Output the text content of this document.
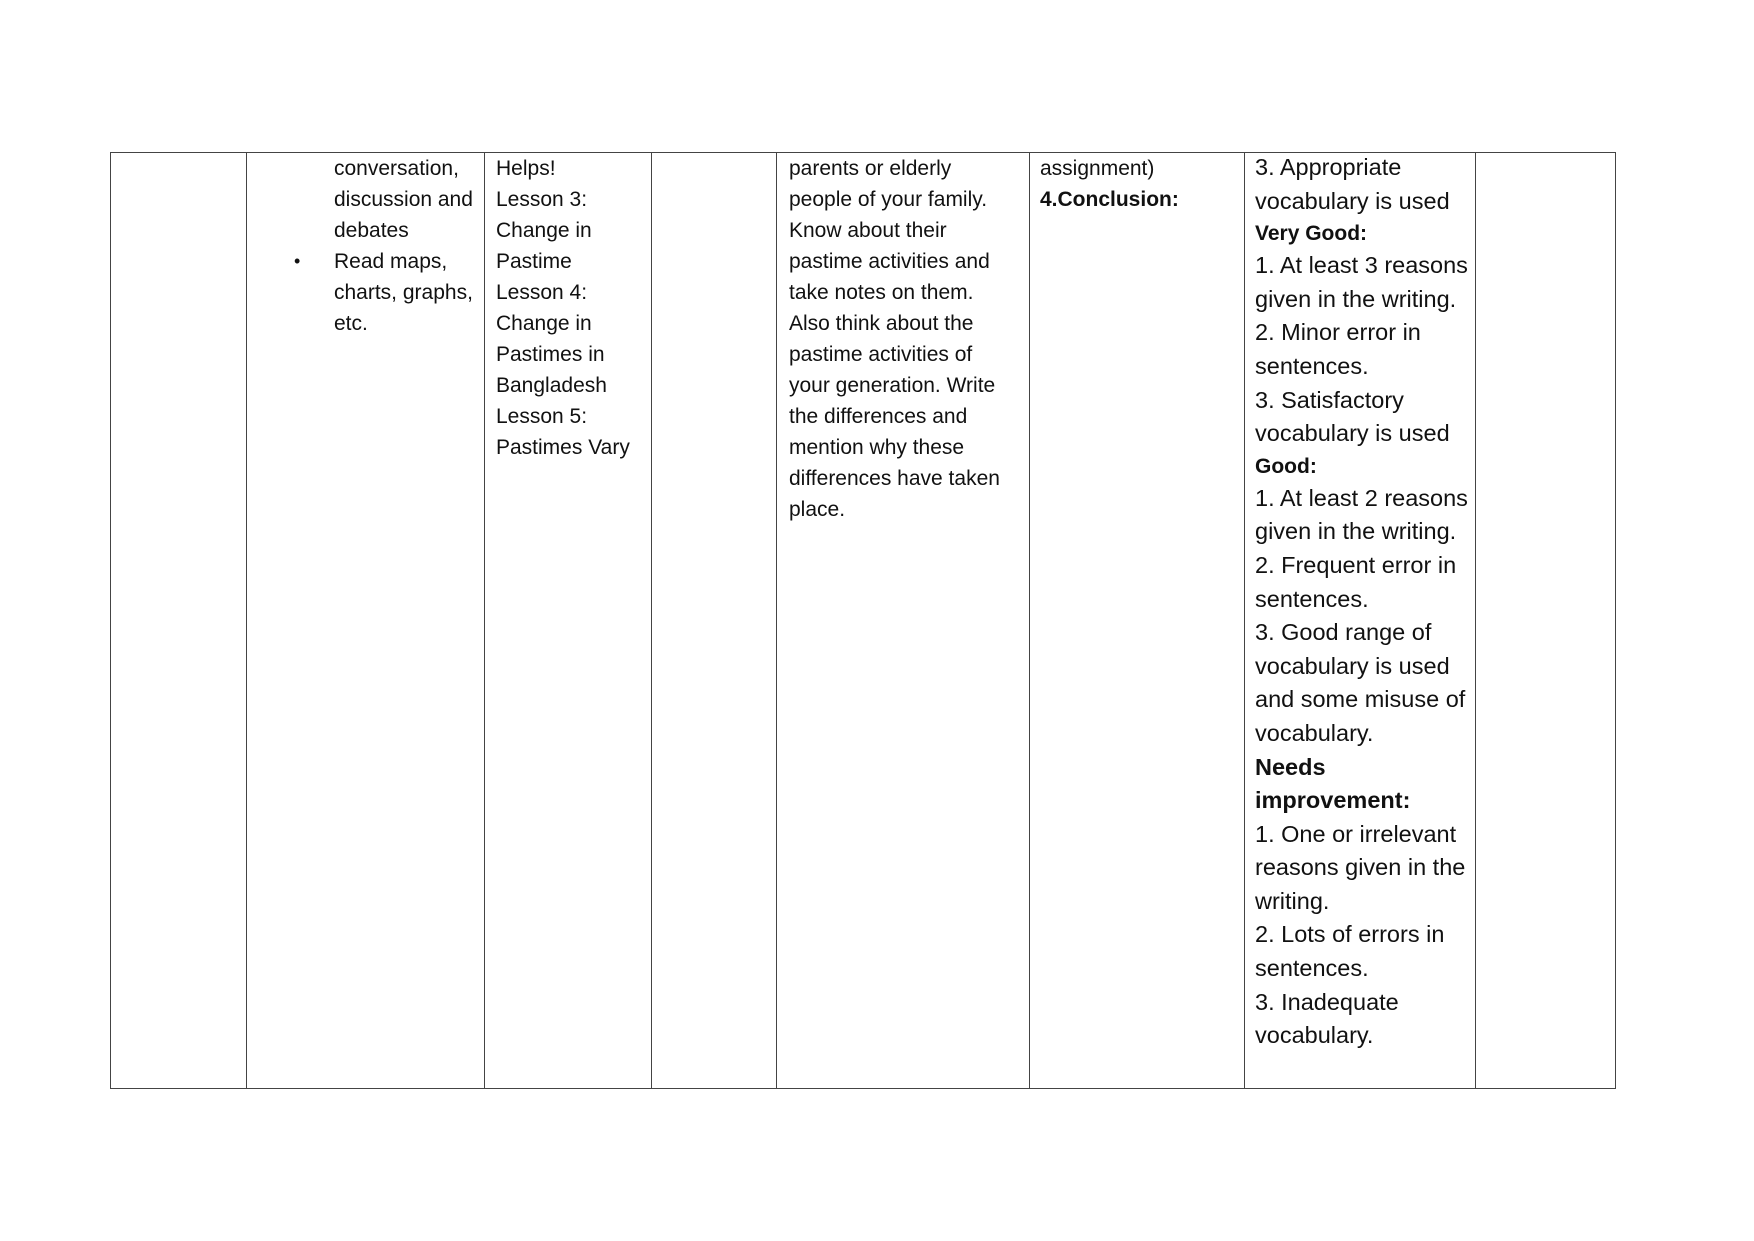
conversation,
discussion and
debates
• Read maps,
charts, graphs,
etc.
Helps!
Lesson 3:
Change in
Pastime
Lesson 4:
Change in
Pastimes in
Bangladesh
Lesson 5:
Pastimes Vary
parents or elderly
people of your family.
Know about their
pastime activities and
take notes on them.
Also think about the
pastime activities of
your generation. Write
the differences and
mention why these
differences have taken
place.
assignment)
4.Conclusion:
3. Appropriate
vocabulary is used
Very Good:
1. At least 3 reasons
given in the writing.
2. Minor error in
sentences.
3. Satisfactory
vocabulary is used
Good:
1. At least 2 reasons
given in the writing.
2. Frequent error in
sentences.
3. Good range of
vocabulary is used
and some misuse of
vocabulary.
Needs
improvement:
1. One or irrelevant
reasons given in the
writing.
2. Lots of errors in
sentences.
3. Inadequate
vocabulary.
